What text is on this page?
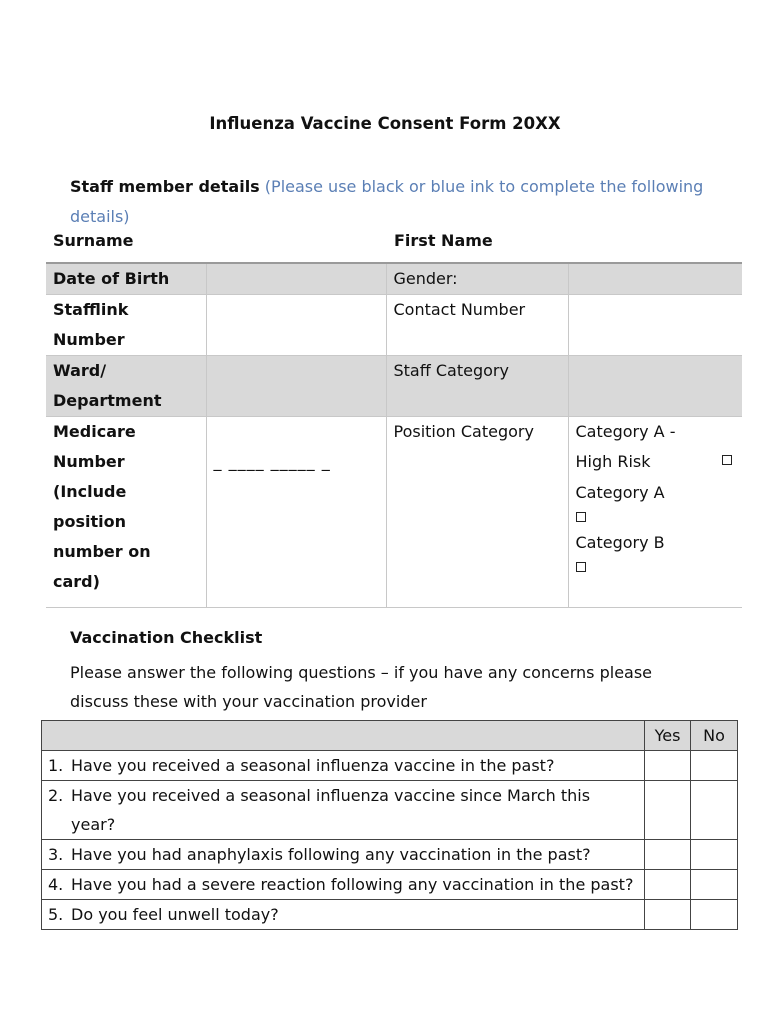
Influenza Vaccine Consent Form 20XX
Staff member details (Please use black or blue ink to complete the following details)
Surname	First Name
Date of Birth		Gender:	
Stafflink Number		Contact Number	
Ward/ Department		Staff Category	
Medicare Number (Include position number on card)	_ ____ _____ _	Position Category	Category A - High Risk
Category A

Category B

Vaccination Checklist
Please answer the following questions – if you have any concerns please discuss these with your vaccination provider
	Yes	No

1. Have you received a seasonal influenza vaccine in the past?		

2. Have you received a seasonal influenza vaccine since March this year?		

3. Have you had anaphylaxis following any vaccination in the past?		

4. Have you had a severe reaction following any vaccination in the past?		

5. Do you feel unwell today?		
